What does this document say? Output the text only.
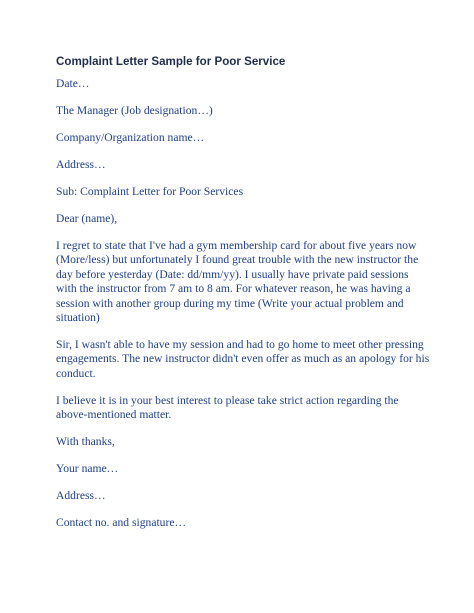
Complaint Letter Sample for Poor Service
Date…
The Manager (Job designation…)
Company/Organization name…
Address…
Sub: Complaint Letter for Poor Services
Dear (name),
I regret to state that I've had a gym membership card for about five years now
(More/less) but unfortunately I found great trouble with the new instructor the
day before yesterday (Date: dd/mm/yy). I usually have private paid sessions
with the instructor from 7 am to 8 am. For whatever reason, he was having a
session with another group during my time (Write your actual problem and
situation)
Sir, I wasn't able to have my session and had to go home to meet other pressing
engagements. The new instructor didn't even offer as much as an apology for his
conduct.
I believe it is in your best interest to please take strict action regarding the
above-mentioned matter.
With thanks,
Your name…
Address…
Contact no. and signature…
